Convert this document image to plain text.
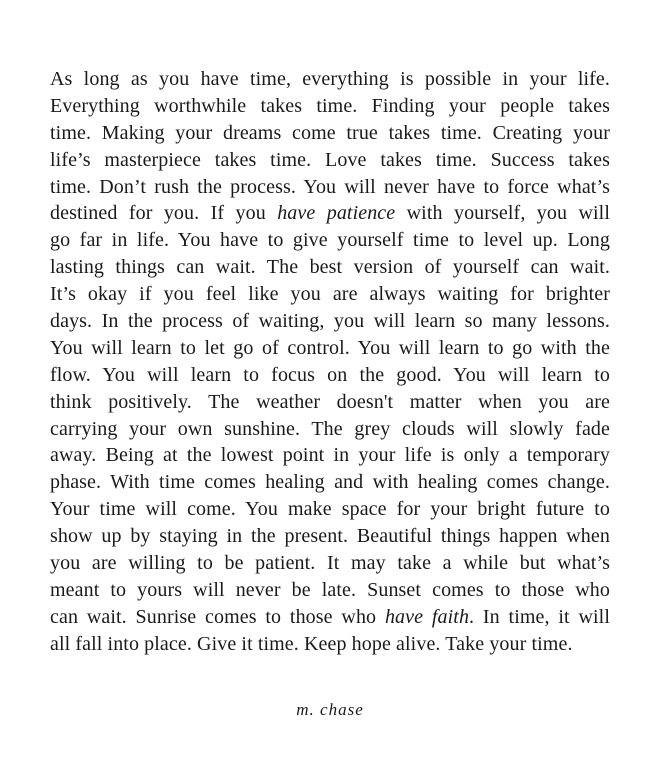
As long as you have time, everything is possible in your life.
Everything worthwhile takes time. Finding your people takes
time. Making your dreams come true takes time. Creating your
life’s masterpiece takes time. Love takes time. Success takes
time. Don’t rush the process. You will never have to force what’s
destined for you. If you have patience with yourself, you will
go far in life. You have to give yourself time to level up. Long
lasting things can wait. The best version of yourself can wait.
It’s okay if you feel like you are always waiting for brighter
days. In the process of waiting, you will learn so many lessons.
You will learn to let go of control. You will learn to go with the
flow. You will learn to focus on the good. You will learn to
think positively. The weather doesn't matter when you are
carrying your own sunshine. The grey clouds will slowly fade
away. Being at the lowest point in your life is only a temporary
phase. With time comes healing and with healing comes change.
Your time will come. You make space for your bright future to
show up by staying in the present. Beautiful things happen when
you are willing to be patient. It may take a while but what’s
meant to yours will never be late. Sunset comes to those who
can wait. Sunrise comes to those who have faith. In time, it will
all fall into place. Give it time. Keep hope alive. Take your time.
m. chase
